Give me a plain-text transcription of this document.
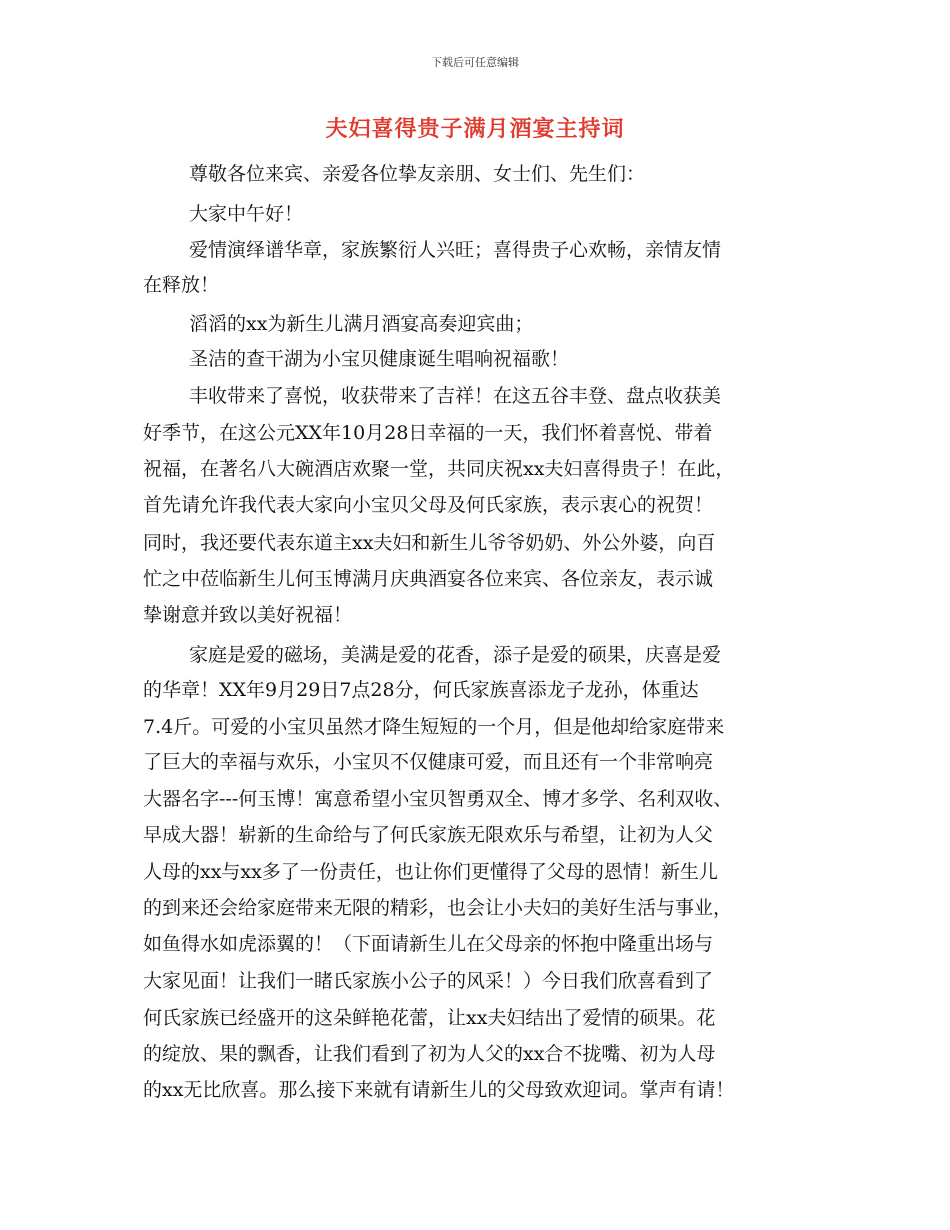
下载后可任意编辑
夫妇喜得贵子满月酒宴主持词
尊敬各位来宾、亲爱各位挚友亲朋、女士们、先生们：
大家中午好！
爱情演绎谱华章，家族繁衍人兴旺；喜得贵子心欢畅，亲情友情
在释放！
滔滔的xx为新生儿满月酒宴高奏迎宾曲；
圣洁的查干湖为小宝贝健康诞生唱响祝福歌！
丰收带来了喜悦，收获带来了吉祥！在这五谷丰登、盘点收获美
好季节，在这公元XX年10月28日幸福的一天，我们怀着喜悦、带着
祝福，在著名八大碗酒店欢聚一堂，共同庆祝xx夫妇喜得贵子！在此，
首先请允许我代表大家向小宝贝父母及何氏家族，表示衷心的祝贺！
同时，我还要代表东道主xx夫妇和新生儿爷爷奶奶、外公外婆，向百
忙之中莅临新生儿何玉博满月庆典酒宴各位来宾、各位亲友，表示诚
挚谢意并致以美好祝福！
家庭是爱的磁场，美满是爱的花香，添子是爱的硕果，庆喜是爱
的华章！XX年9月29日7点28分，何氏家族喜添龙子龙孙，体重达
7.4斤。可爱的小宝贝虽然才降生短短的一个月，但是他却给家庭带来
了巨大的幸福与欢乐，小宝贝不仅健康可爱，而且还有一个非常响亮
大器名字---何玉博！寓意希望小宝贝智勇双全、博才多学、名利双收、
早成大器！崭新的生命给与了何氏家族无限欢乐与希望，让初为人父
人母的xx与xx多了一份责任，也让你们更懂得了父母的恩情！新生儿
的到来还会给家庭带来无限的精彩，也会让小夫妇的美好生活与事业，
如鱼得水如虎添翼的！（下面请新生儿在父母亲的怀抱中隆重出场与
大家见面！让我们一睹氏家族小公子的风采！）今日我们欣喜看到了
何氏家族已经盛开的这朵鲜艳花蕾，让xx夫妇结出了爱情的硕果。花
的绽放、果的飘香，让我们看到了初为人父的xx合不拢嘴、初为人母
的xx无比欣喜。那么接下来就有请新生儿的父母致欢迎词。掌声有请！
